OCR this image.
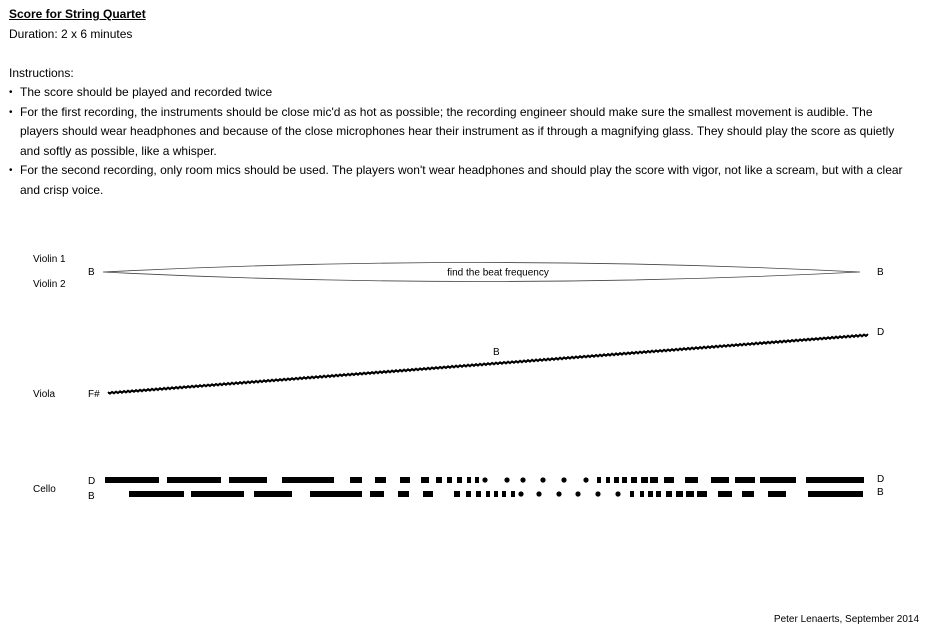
Score for String Quartet
Duration: 2 x 6 minutes
Instructions:
• The score should be played and recorded twice
• For the first recording, the instruments should be close mic'd as hot as possible; the recording engineer should make sure the smallest movement is audible. The players should wear headphones and because of the close microphones hear their instrument as if through a magnifying glass. They should play the score as quietly and softly as possible, like a whisper.
• For the second recording, only room mics should be used. The players won't wear headphones and should play the score with vigor, not like a scream, but with a clear and crisp voice.
Violin 1
Violin 2
B	find the beat frequency	B
Viola	F#
B
D
Cello
D
B
D
B
Peter Lenaerts, September 2014
